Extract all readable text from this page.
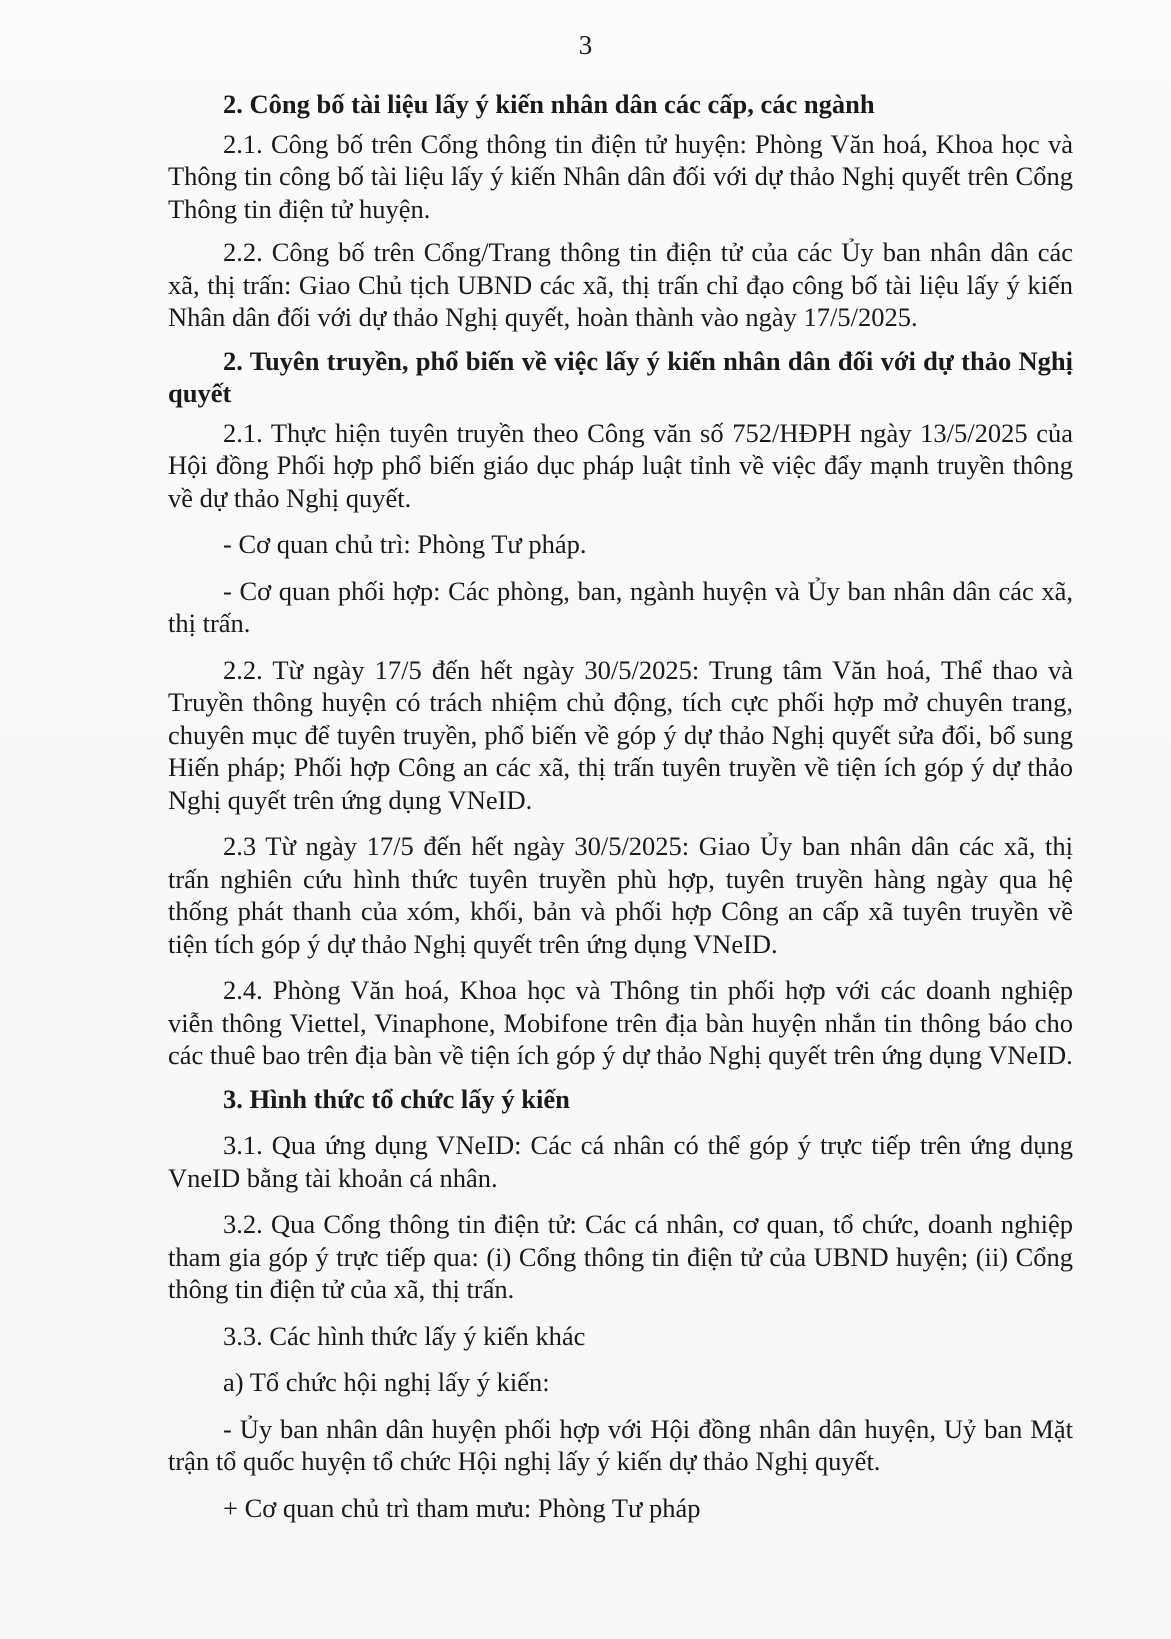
3

2. Công bố tài liệu lấy ý kiến nhân dân các cấp, các ngành

2.1. Công bố trên Cổng thông tin điện tử huyện: Phòng Văn hoá, Khoa học và Thông tin công bố tài liệu lấy ý kiến Nhân dân đối với dự thảo Nghị quyết trên Cổng Thông tin điện tử huyện.

2.2. Công bố trên Cổng/Trang thông tin điện tử của các Ủy ban nhân dân các xã, thị trấn: Giao Chủ tịch UBND các xã, thị trấn chỉ đạo công bố tài liệu lấy ý kiến Nhân dân đối với dự thảo Nghị quyết, hoàn thành vào ngày 17/5/2025.

2. Tuyên truyền, phổ biến về việc lấy ý kiến nhân dân đối với dự thảo Nghị quyết

2.1. Thực hiện tuyên truyền theo Công văn số 752/HĐPH ngày 13/5/2025 của Hội đồng Phối hợp phổ biến giáo dục pháp luật tỉnh về việc đẩy mạnh truyền thông về dự thảo Nghị quyết.

- Cơ quan chủ trì: Phòng Tư pháp.

- Cơ quan phối hợp: Các phòng, ban, ngành huyện và Ủy ban nhân dân các xã, thị trấn.

2.2. Từ ngày 17/5 đến hết ngày 30/5/2025: Trung tâm Văn hoá, Thể thao và Truyền thông huyện có trách nhiệm chủ động, tích cực phối hợp mở chuyên trang, chuyên mục để tuyên truyền, phổ biến về góp ý dự thảo Nghị quyết sửa đổi, bổ sung Hiến pháp; Phối hợp Công an các xã, thị trấn tuyên truyền về tiện ích góp ý dự thảo Nghị quyết trên ứng dụng VNeID.

2.3 Từ ngày 17/5 đến hết ngày 30/5/2025: Giao Ủy ban nhân dân các xã, thị trấn nghiên cứu hình thức tuyên truyền phù hợp, tuyên truyền hàng ngày qua hệ thống phát thanh của xóm, khối, bản và phối hợp Công an cấp xã tuyên truyền về tiện tích góp ý dự thảo Nghị quyết trên ứng dụng VNeID.

2.4. Phòng Văn hoá, Khoa học và Thông tin phối hợp với các doanh nghiệp viễn thông Viettel, Vinaphone, Mobifone trên địa bàn huyện nhắn tin thông báo cho các thuê bao trên địa bàn về tiện ích góp ý dự thảo Nghị quyết trên ứng dụng VNeID.

3. Hình thức tổ chức lấy ý kiến

3.1. Qua ứng dụng VNeID: Các cá nhân có thể góp ý trực tiếp trên ứng dụng VneID bằng tài khoản cá nhân.

3.2. Qua Cổng thông tin điện tử: Các cá nhân, cơ quan, tổ chức, doanh nghiệp tham gia góp ý trực tiếp qua: (i) Cổng thông tin điện tử của UBND huyện; (ii) Cổng thông tin điện tử của xã, thị trấn.

3.3. Các hình thức lấy ý kiến khác

a) Tổ chức hội nghị lấy ý kiến:

- Ủy ban nhân dân huyện phối hợp với Hội đồng nhân dân huyện, Uỷ ban Mặt trận tổ quốc huyện tổ chức Hội nghị lấy ý kiến dự thảo Nghị quyết.

+ Cơ quan chủ trì tham mưu: Phòng Tư pháp
